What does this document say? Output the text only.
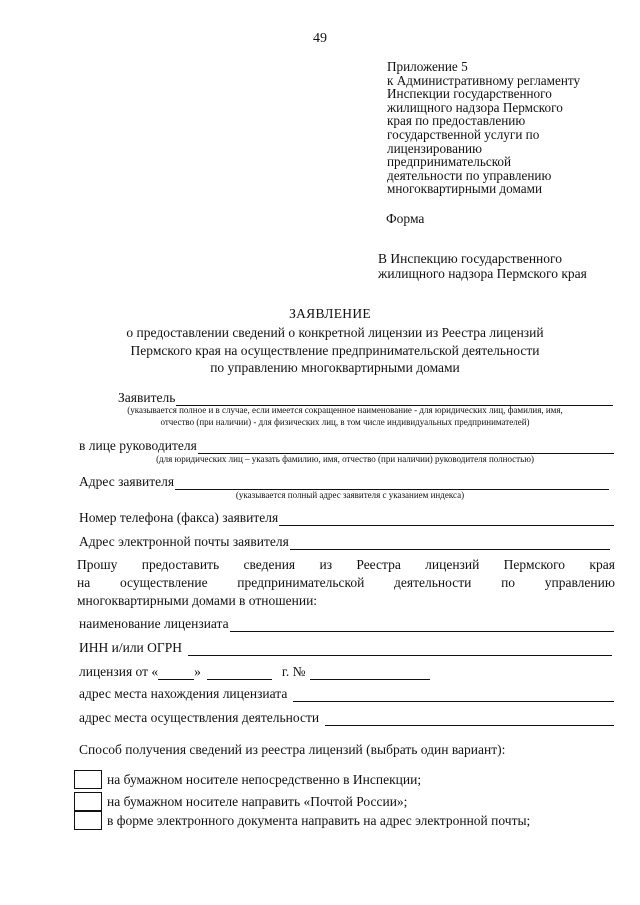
49
Приложение 5
к Административному регламенту
Инспекции государственного
жилищного надзора Пермского
края по предоставлению
государственной услуги по
лицензированию
предпринимательской
деятельности по управлению
многоквартирными домами
Форма
В Инспекцию государственного
жилищного надзора Пермского края
ЗАЯВЛЕНИЕ
о предоставлении сведений о конкретной лицензии из Реестра лицензий
Пермского края на осуществление предпринимательской деятельности
по управлению многоквартирными домами
Заявитель
(указывается полное и в случае, если имеется сокращенное наименование - для юридических лиц, фамилия, имя,
отчество (при наличии) - для физических лиц, в том числе индивидуальных предпринимателей)
в лице руководителя
(для юридических лиц – указать фамилию, имя, отчество (при наличии) руководителя полностью)
Адрес заявителя
(указывается полный адрес заявителя с указанием индекса)
Номер телефона (факса) заявителя
Адрес электронной почты заявителя
Прошу предоставить сведения из Реестра лицензий Пермского края
на осуществление предпринимательской деятельности по управлению
многоквартирными домами в отношении:
наименование лицензиата
ИНН и/или ОГРН
лицензия от «	»	г. №
адрес места нахождения лицензиата
адрес места осуществления деятельности
Способ получения сведений из реестра лицензий (выбрать один вариант):
на бумажном носителе непосредственно в Инспекции;
на бумажном носителе направить «Почтой России»;
в форме электронного документа направить на адрес электронной почты;
